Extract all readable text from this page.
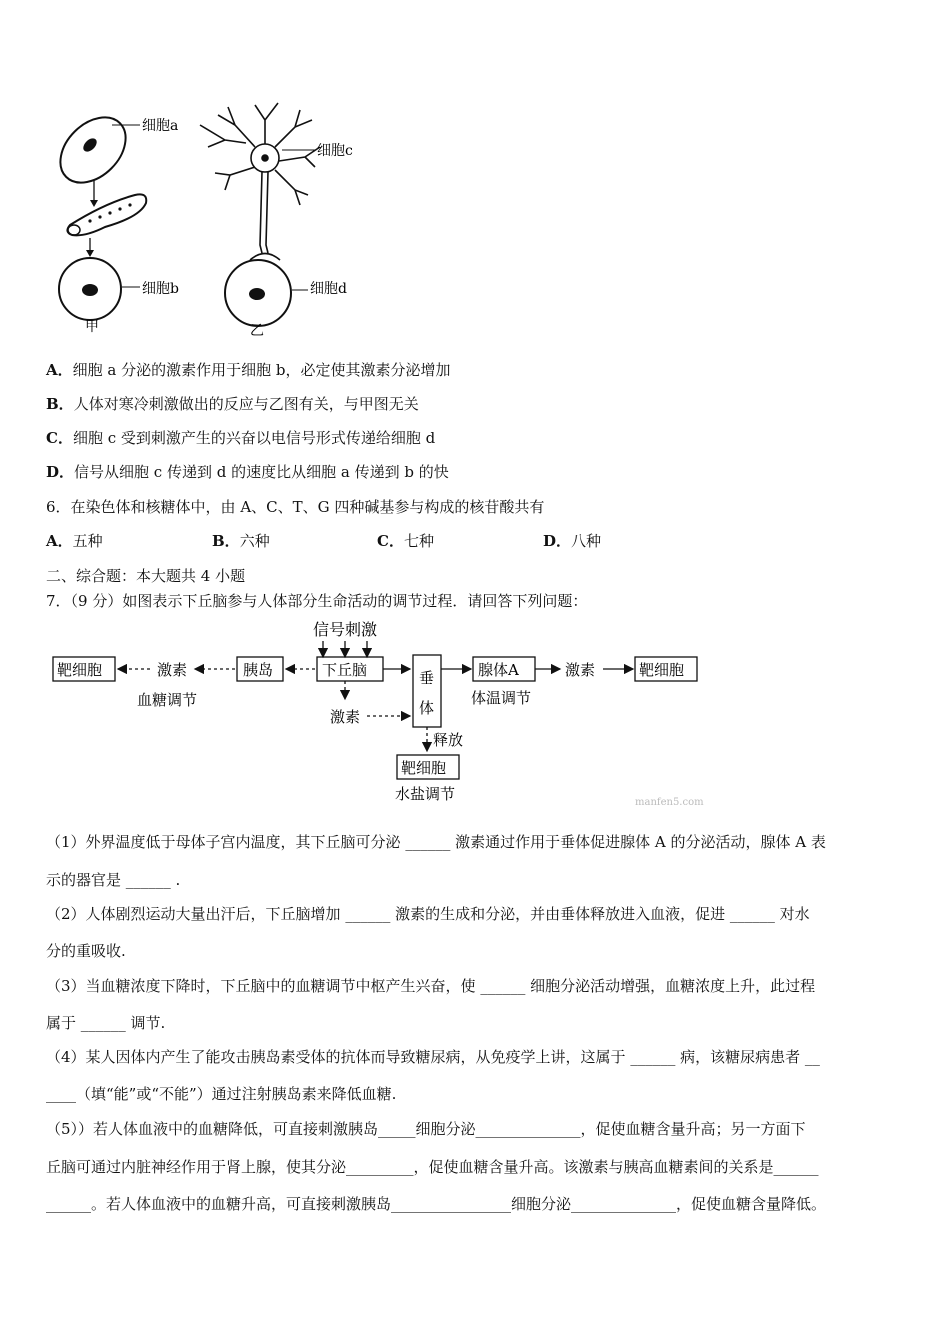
细胞a
细胞b
甲
细胞c
细胞d
乙
A．细胞 a 分泌的激素作用于细胞 b，必定使其激素分泌增加
B．人体对寒冷刺激做出的反应与乙图有关，与甲图无关
C．细胞 c 受到刺激产生的兴奋以电信号形式传递给细胞 d
D．信号从细胞 c 传递到 d 的速度比从细胞 a 传递到 b 的快
6．在染色体和核糖体中，由 A、C、T、G 四种碱基参与构成的核苷酸共有
A．五种	B．六种	C．七种	D．八种
二、综合题：本大题共 4 小题
7．（9 分）如图表示下丘脑参与人体部分生命活动的调节过程．请回答下列问题：
信号刺激
靶细胞	激素	胰岛
血糖调节
下丘脑
激素
垂体
腺体A
体温调节
激素	靶细胞
释放
靶细胞
水盐调节	manfen5.com
（1）外界温度低于母体子宫内温度，其下丘脑可分泌 ______ 激素通过作用于垂体促进腺体 A 的分泌活动，腺体 A 表
示的器官是 ______ .
（2）人体剧烈运动大量出汗后，下丘脑增加 ______ 激素的生成和分泌，并由垂体释放进入血液，促进 ______ 对水
分的重吸收.
（3）当血糖浓度下降时，下丘脑中的血糖调节中枢产生兴奋，使 ______ 细胞分泌活动增强，血糖浓度上升，此过程
属于 ______ 调节.
（4）某人因体内产生了能攻击胰岛素受体的抗体而导致糖尿病，从免疫学上讲，这属于 ______ 病，该糖尿病患者 __
____（填“能”或“不能”）通过注射胰岛素来降低血糖.
（5））若人体血液中的血糖降低，可直接刺激胰岛_____细胞分泌______________，促使血糖含量升高；另一方面下
丘脑可通过内脏神经作用于肾上腺，使其分泌_________，促使血糖含量升高。该激素与胰高血糖素间的关系是______
______。若人体血液中的血糖升高，可直接刺激胰岛________________细胞分泌______________，促使血糖含量降低。
